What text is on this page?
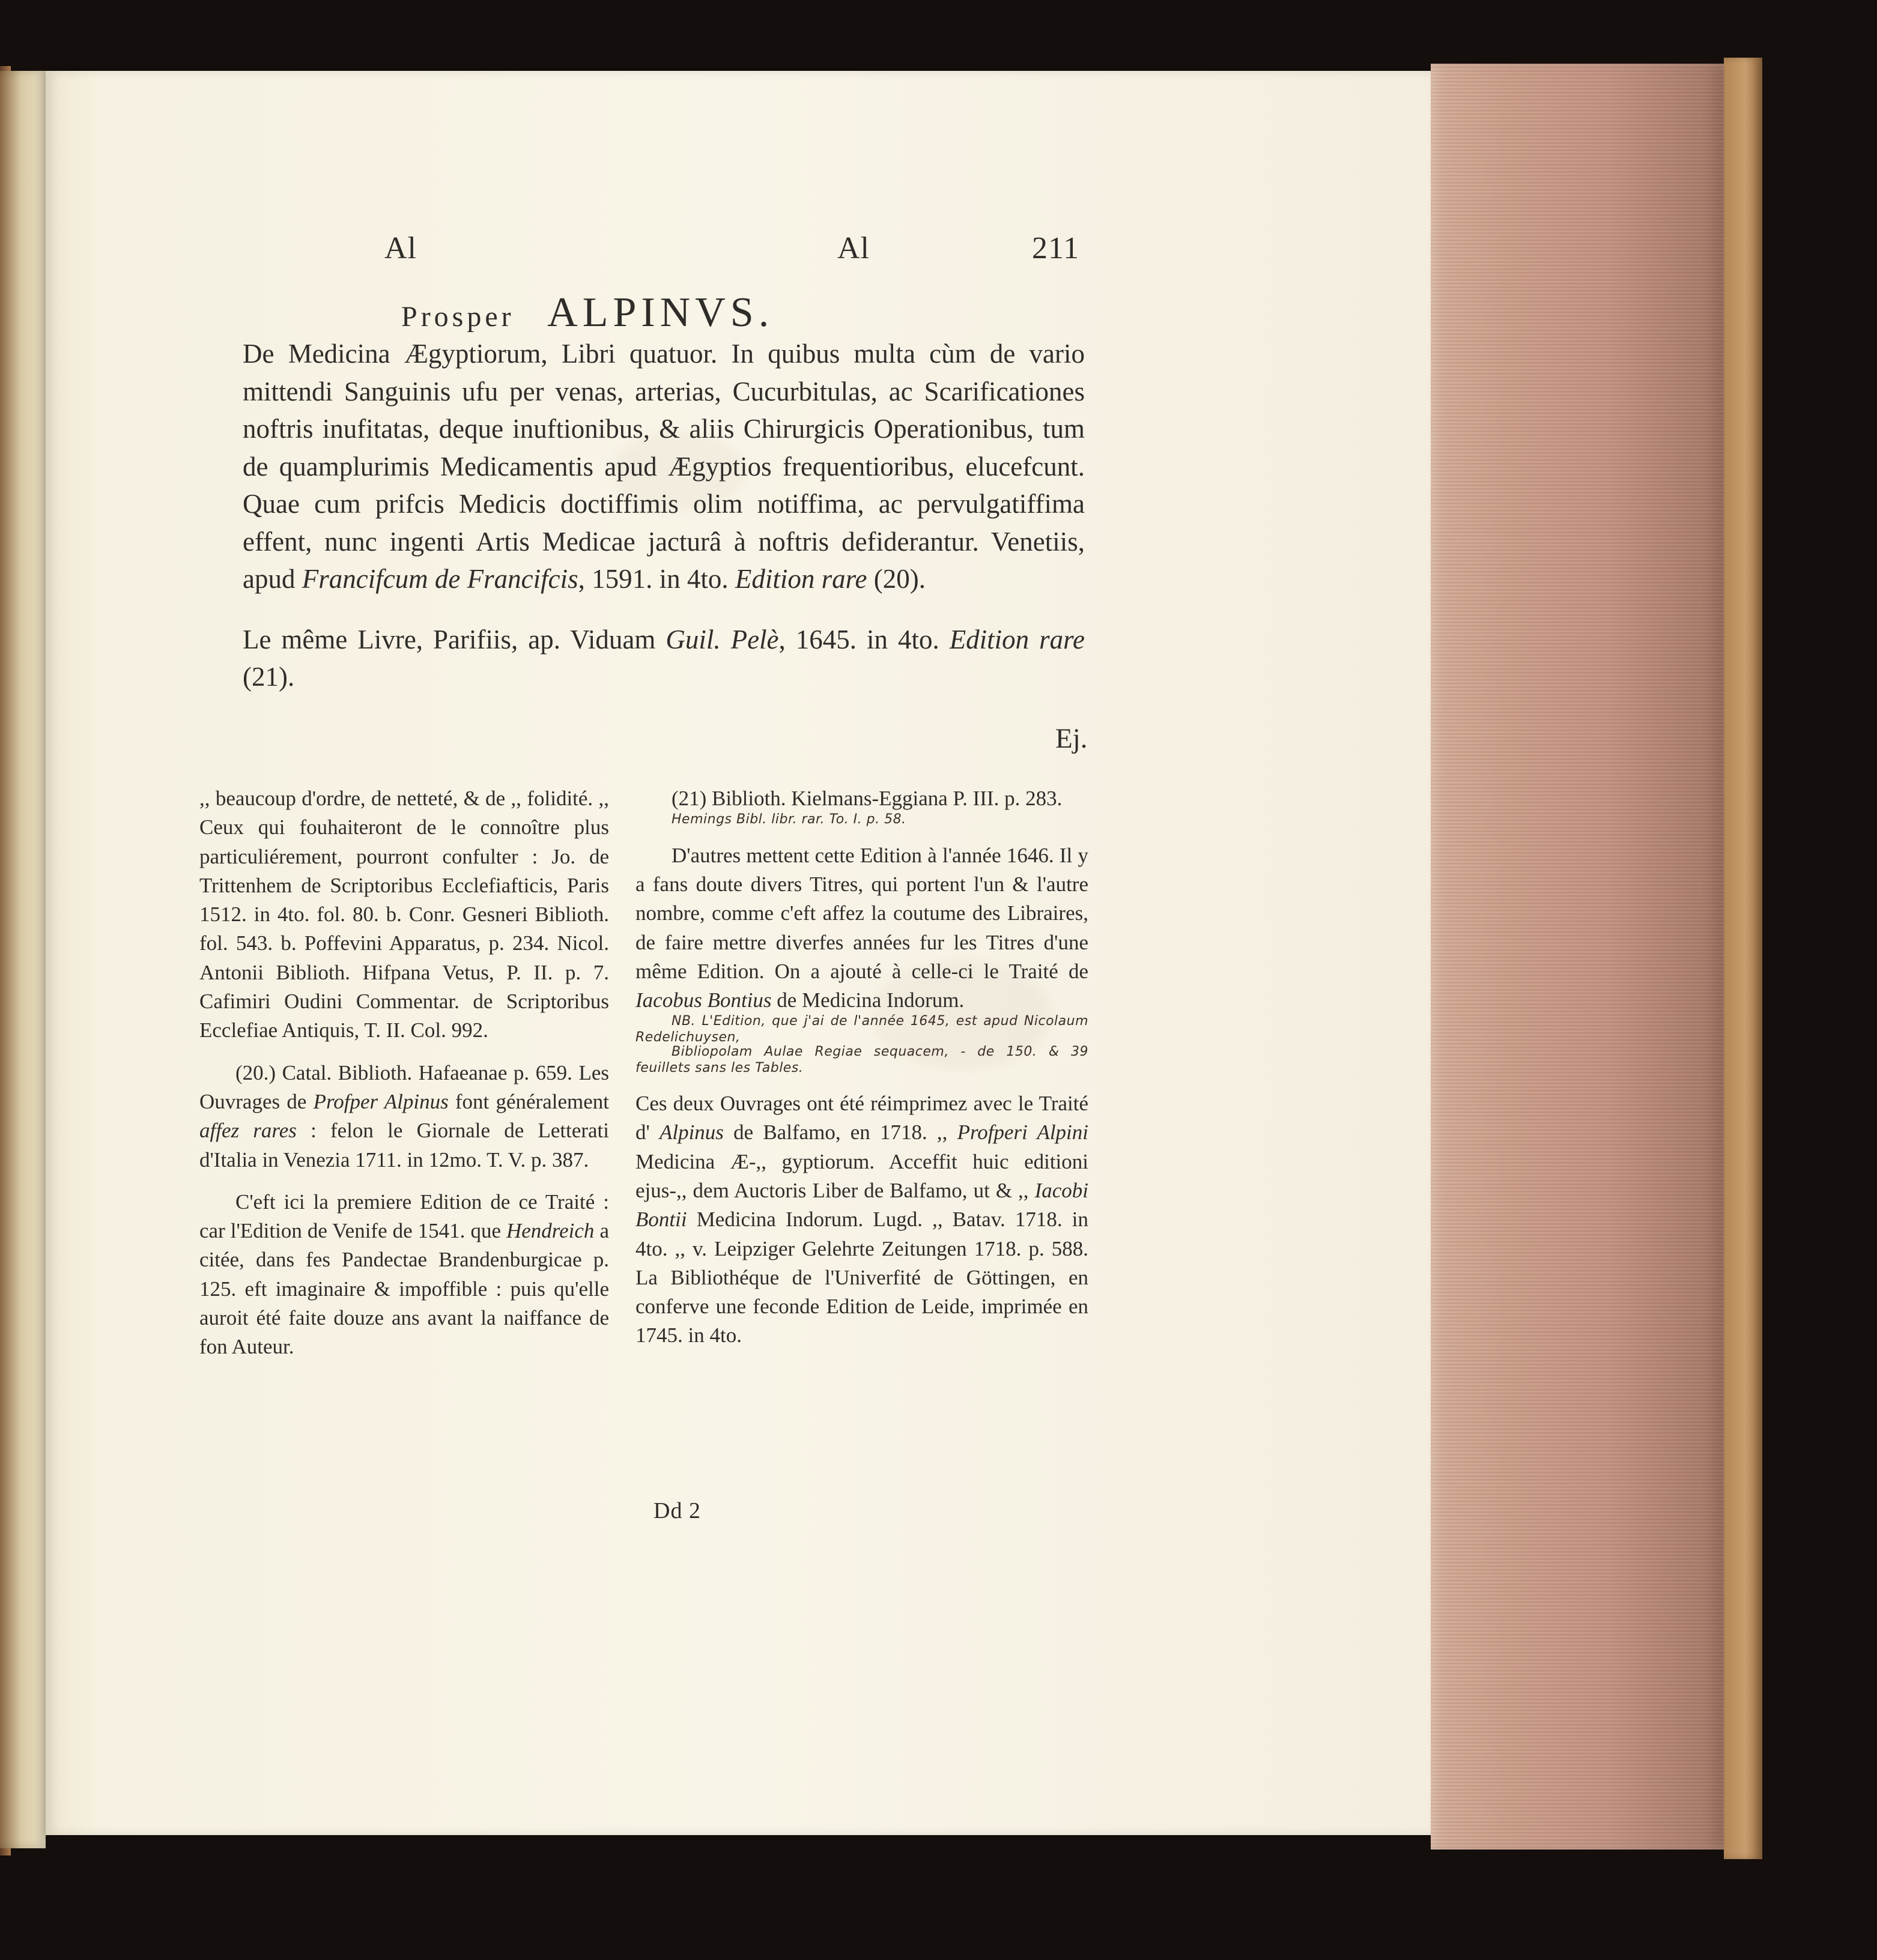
Al	Al	211
Prosper ALPINVS.

De Medicina Ægyptiorum, Libri quatuor. In quibus multa cùm de vario mittendi Sanguinis ufu per venas, arterias, Cucurbitulas, ac Scarificationes noftris inufitatas, deque inuftionibus, & aliis Chirurgicis Operationibus, tum de quamplurimis Medicamentis apud Ægyptios frequentioribus, elucefcunt. Quae cum prifcis Medicis doctiffimis olim notiffima, ac pervulgatiffima effent, nunc ingenti Artis Medicae jacturâ à noftris defiderantur. Venetiis, apud Francifcum de Francifcis, 1591. in 4to. Edition rare (20).

Le même Livre, Parifiis, ap. Viduam Guil. Pelè, 1645. in 4to. Edition rare (21).

Ej.

,, beaucoup d'ordre, de netteté, & de ,, folidité. ,, Ceux qui fouhaiteront de le connoître plus particuliérement, pourront confulter : Jo. de Trittenhem de Scriptoribus Ecclefiafticis, Paris 1512. in 4to. fol. 80. b. Conr. Gesneri Biblioth. fol. 543. b. Poffevini Apparatus, p. 234. Nicol. Antonii Biblioth. Hifpana Vetus, P. II. p. 7. Cafimiri Oudini Commentar. de Scriptoribus Ecclefiae Antiquis, T. II. Col. 992.

(20.) Catal. Biblioth. Hafaeanae p. 659. Les Ouvrages de Profper Alpinus font généralement affez rares : felon le Giornale de Letterati d'Italia in Venezia 1711. in 12mo. T. V. p. 387.

C'eft ici la premiere Edition de ce Traité : car l'Edition de Venife de 1541. que Hendreich a citée, dans fes Pandectae Brandenburgicae p. 125. eft imaginaire & impoffible : puis qu'elle auroit été faite douze ans avant la naiffance de fon Auteur.

(21) Biblioth. Kielmans-Eggiana P. III. p. 283.
Hemings Bibl. libr. rar. To. I. p. 58.

D'autres mettent cette Edition à l'année 1646. Il y a fans doute divers Titres, qui portent l'un & l'autre nombre, comme c'eft affez la coutume des Libraires, de faire mettre diverfes années fur les Titres d'une même Edition. On a ajouté à celle-ci le Traité de Iacobus Bontius de Medicina Indorum.
NB. L'Edition, que j'ai de l'année 1645, est apud Nicolaum Redelichuysen,
Bibliopolam Aulae Regiae sequacem, - de 150. & 39 feuillets sans les Tables.

Ces deux Ouvrages ont été réimprimez avec le Traité d' Alpinus de Balfamo, en 1718. ,, Profperi Alpini Medicina Æ-,, gyptiorum. Acceffit huic editioni ejus-,, dem Auctoris Liber de Balfamo, ut & ,, Iacobi Bontii Medicina Indorum. Lugd. ,, Batav. 1718. in 4to. ,, v. Leipziger Gelehrte Zeitungen 1718. p. 588. La Bibliothéque de l'Univerfité de Göttingen, en conferve une feconde Edition de Leide, imprimée en 1745. in 4to.

Dd 2
